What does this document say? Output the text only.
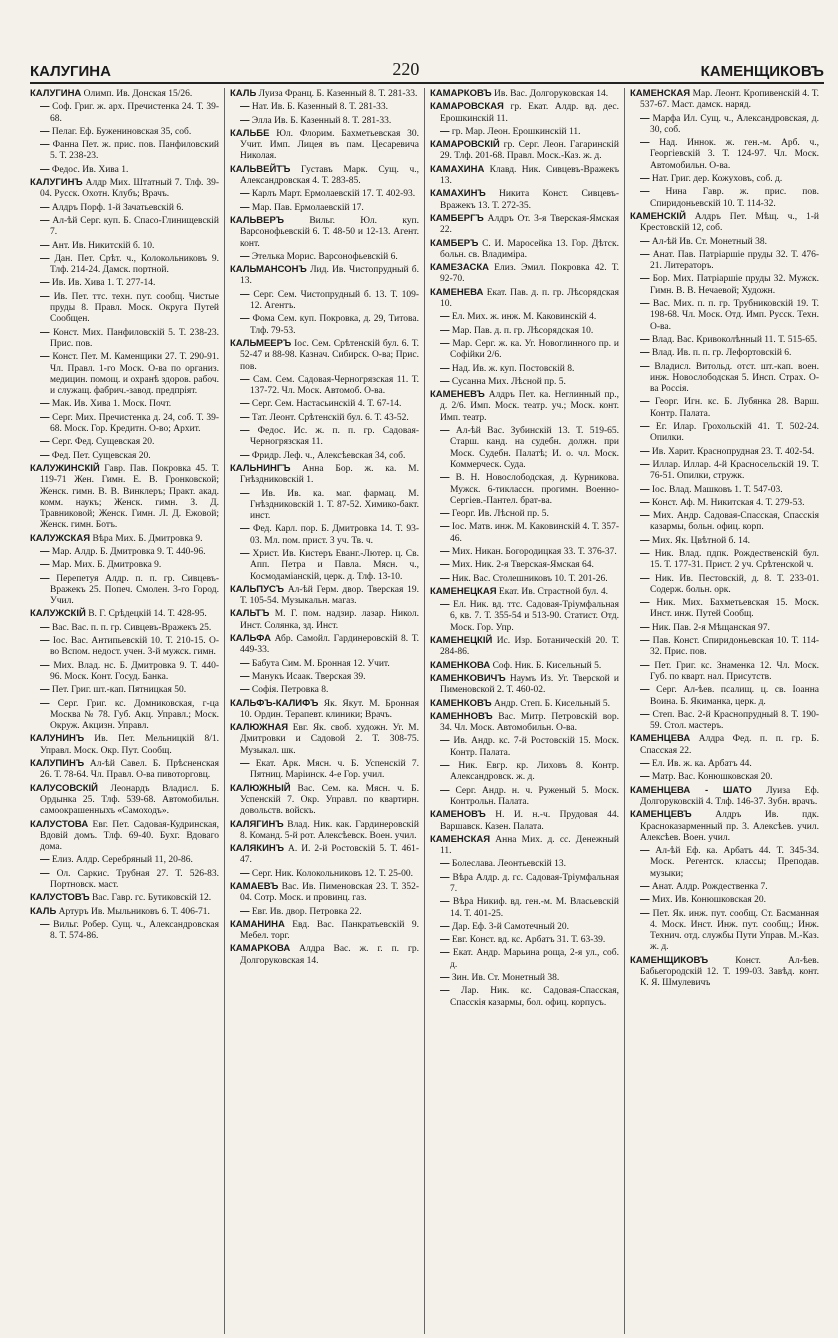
КАЛУГИНА	220	КАМЕНЩИКОВЪ

КАЛУГИНА Олимп. Ив. Донская 15/26.

— Соф. Григ. ж. арх. Пречистенка 24. Т. 39-68.

— Пелаг. Еф. Бужениновская 35, соб.

— Фанна Пет. ж. прис. пов. Панфиловский 5. Т. 238-23.

— Федос. Ив. Хива 1.

КАЛУГИНЪ Алдр Мих. Штатный 7. Тлф. 39-04. Русск. Охотн. Клубъ; Врачъ.

— Алдръ Порф. 1-й Зачатьевскій 6.

— Ал-ѣй Серг. куп. Б. Спасо-Глинищевскій 7.

— Ант. Ив. Никитскій б. 10.

— Дан. Пет. Срѣт. ч., Колокольниковъ 9. Тлф. 214-24. Дамск. портной.

— Ив. Ив. Хива 1. Т. 277-14.

— Ив. Пет. ттс. техн. пут. сообщ. Чистые пруды 8. Правл. Моск. Округа Путей Сообщен.

— Конст. Мих. Панфиловскій 5. Т. 238-23. Прис. пов.

— Конст. Пет. М. Каменщики 27. Т. 290-91. Чл. Правл. 1-го Моск. О-ва по организ. медицин. помощ. и охранѣ здоров. рабоч. и служащ. фабрич.-завод. предпріят.

— Мак. Ив. Хива 1. Моск. Почт.

— Серг. Мих. Пречистенка д. 24, соб. Т. 39-68. Моск. Гор. Кредитн. О-во; Архит.

— Серг. Фед. Сущевская 20.

— Фед. Пет. Сущевская 20.

КАЛУЖИНСКІЙ Гавр. Пав. Покровка 45. Т. 119-71 Жен. Гимн. Е. В. Гронковской; Женск. гимн. В. В. Винклеръ; Практ. акад. комм. наукъ; Женск. гимн. З. Д. Травниковой; Женск. Гимн. Л. Д. Ежовой; Женск. гимн. Ботъ.

КАЛУЖСКАЯ Вѣра Мих. Б. Дмитровка 9.

— Мар. Алдр. Б. Дмитровка 9. Т. 440-96.

— Мар. Мих. Б. Дмитровка 9.

— Перепетуя Алдр. п. п. гр. Сивцевъ-Вражекъ 25. Попеч. Смолен. 3-го Город. Учил.

КАЛУЖСКІЙ В. Г. Срѣдецкій 14. Т. 428-95.

— Вас. Вас. п. п. гр. Сивцевъ-Вражекъ 25.

— Іос. Вас. Антипьевскій 10. Т. 210-15. О-во Вспом. недост. учен. 3-й мужск. гимн.

— Мих. Влад. нс. Б. Дмитровка 9. Т. 440-96. Моск. Конт. Госуд. Банка.

— Пет. Григ. шт.-кап. Пятницкая 50.

— Серг. Григ. кс. Домниковская, г-ца Москва № 78. Губ. Акц. Управл.; Моск. Окруж. Акцизн. Управл.

КАЛУНИНЪ Ив. Пет. Мельницкій 8/1. Управл. Моск. Окр. Пут. Сообщ.

КАЛУПИНЪ Ал-ѣй Савел. Б. Прѣсненская 26. Т. 78-64. Чл. Правл. О-ва пивоторговц.

КАЛУСОВСКІЙ Леонардъ Владисл. Б. Ордынка 25. Тлф. 539-68. Автомобильн. самоокрашенныхъ «Самоходъ».

КАЛУСТОВА Евг. Пет. Садовая-Кудринская, Вдовій домъ. Тлф. 69-40. Бухг. Вдоваго дома.

— Елиз. Алдр. Серебряный 11, 20-86.

— Ол. Саркис. Трубная 27. Т. 526-83. Портновск. маст.

КАЛУСТОВЪ Вас. Гавр. гс. Бутиковскій 12.

КАЛЬ Артуръ Ив. Мыльниковъ 6. Т. 406-71.

— Вильг. Робер. Сущ. ч., Александровская 8. Т. 574-86.

КАЛЬ Луиза Франц. Б. Казенный 8. Т. 281-33.

— Нат. Ив. Б. Казенный 8. Т. 281-33.

— Элла Ив. Б. Казенный 8. Т. 281-33.

КАЛЬБЕ Юл. Флорим. Бахметьевская 30. Учит. Имп. Лицея въ пам. Цесаревича Николая.

КАЛЬВЕЙТЪ Густавъ Марк. Сущ. ч., Александровская 4. Т. 283-85.

— Карлъ Март. Ермолаевскій 17. Т. 402-93.

— Мар. Пав. Ермолаевскій 17.

КАЛЬВЕРЪ	Вильг. Юл. куп. Варсонофьевскій 6. Т. 48-50 и 12-13. Агент. конт.

— Этелька Морис. Варсонофьевскій 6.

КАЛЬМАНСОНЪ Лид. Ив. Чистопрудный б. 13.

— Серг. Сем. Чистопрудный б. 13. Т. 109-12. Агентъ.

— Фома Сем. куп. Покровка, д. 29, Титова. Тлф. 79-53.

КАЛЬМЕЕРЪ Іос. Сем. Срѣтенскій бул. 6. Т. 52-47 и 88-98. Казнач. Сибирск. О-ва; Прис. пов.

— Сам. Сем. Садовая-Черногрязская 11. Т. 137-72. Чл. Моск. Автомоб. О-ва.

— Серг. Сем. Настасьинскій 4. Т. 67-14.

— Тат. Леонт. Срѣтенскій бул. 6. Т. 43-52.

— Федос. Ис. ж. п. п. гр. Садовая-Черногрязская 11.

— Фридр. Леф. ч., Алексѣевская 34, соб.

КАЛЬНИНГЪ Анна Бор. ж. ка. М. Гнѣздниковскій 1.

— Ив. Ив. ка. маг. фармац. М. Гнѣздниковскій 1. Т. 87-52. Химико-бакт. инст.

— Фед. Карл. пор. Б. Дмитровка 14. Т. 93-03. Мл. пом. прист. 3 уч. Тв. ч.

— Христ. Ив. Кистеръ Еванг.-Лютер. ц. Св. Апп. Петра и Павла. Мясн. ч., Космодаміанскій, церк. д. Тлф. 13-10.

КАЛЬПУСЪ Ал-ѣй Герм. двор. Тверская 19. Т. 105-54. Музыкальн. магаз.

КАЛЬТЪ М. Г. пом. надзир. лазар. Никол. Инст. Солянка, зд. Инст.

КАЛЬФА Абр. Самойл. Гардинеровскій 8. Т. 449-33.

— Бабута Сим. М. Бронная 12. Учит.

— Манукъ Исаак. Тверская 39.

— Софія. Петровка 8.

КАЛЬФЪ-КАЛИФЪ Як. Якут. М. Бронная 10. Ордин. Терапевт. клиники; Врачъ.

КАЛЮЖНАЯ Евг. Як. своб. художн. Уг. М. Дмитровки и Садовой 2. Т. 308-75. Музыкал. шк.

— Екат. Арк. Мясн. ч. Б. Успенскій 7. Пятниц. Маріинск. 4-е Гор. учил.

КАЛЮЖНЫЙ Вас. Сем. ка. Мясн. ч. Б. Успенскій 7. Окр. Управл. по квартирн. довольств. войскъ.

КАЛЯГИНЪ Влад. Ник. как. Гардинеровскій 8. Команд. 5-й рот. Алексѣевск. Воен. учил.

КАЛЯКИНЪ А. И. 2-й Ростовскій 5. Т. 461-47.

— Серг. Ник. Колокольниковъ 12. Т. 25-00.

КАМАЕВЪ Вас. Ив. Пименовская 23. Т. 352-04. Сотр. Моск. и провинц. газ.

— Евг. Ив. двор. Петровка 22.

КАМАНИНА Евд. Вас. Панкратьевскій 9. Мебел. торг.

КАМАРКОВА Алдра Вас. ж. г. п. гр. Долгоруковская 14.

КАМАРКОВЪ Ив. Вас. Долгоруковская 14.

КАМАРОВСКАЯ гр. Екат. Алдр. вд. дес. Ерошкинскій 11.

— гр. Мар. Леон. Ерошкинскій 11.

КАМАРОВСКІЙ гр. Серг. Леон. Гагаринскій 29. Тлф. 201-68. Правл. Моск.-Каз. ж. д.

КАМАХИНА Клавд. Ник. Сивцевъ-Вражекъ 13.

КАМАХИНЪ Никита Конст. Сивцевъ-Вражекъ 13. Т. 272-35.

КАМБЕРГЪ Алдръ От. 3-я Тверская-Ямская 22.

КАМБЕРЪ С. И. Маросейка 13. Гор. Дѣтск. больн. св. Владиміра.

КАМЕЗАСКА Елиз. Эмил. Покровка 42. Т. 92-70.

КАМЕНЕВА Екат. Пав. д. п. гр. Лѣсорядская 10.

— Ел. Мих. ж. инж. М. Каковинскій 4.

— Мар. Пав. д. п. гр. Лѣсорядская 10.

— Мар. Серг. ж. ка. Уг. Новоглинного пр. и Софійки 2/6.

— Над. Ив. ж. куп. Постовскій 8.

— Сусанна Мих. Лѣсной пр. 5.

КАМЕНЕВЪ Алдръ Пет. ка. Неглинный пр., д. 2/6. Имп. Моск. театр. уч.; Моск. конт. Имп. театр.

— Ал-ѣй Вас. Зубинскій 13. Т. 519-65. Старш. канд. на судебн. должн. при Моск. Судебн. Палатѣ; И. о. чл. Моск. Коммерческ. Суда.

— В. Н. Новослободская, д. Курникова. Мужск. 6-тиклассн. прогимн. Военно-Сергіев.-Пантел. брат-ва.

— Георг. Ив. Лѣсной пр. 5.

— Іос. Матв. инж. М. Каковинскій 4. Т. 357-46.

— Мих. Никан. Богородицкая 33. Т. 376-37.

— Мих. Ник. 2-я Тверская-Ямская 64.

— Ник. Вас. Столешниковъ 10. Т. 201-26.

КАМЕНЕЦКАЯ Екат. Ив. Страстной бул. 4.

— Ел. Ник. вд. ттс. Садовая-Тріумфальная 6, кв. 7. Т. 355-54 и 513-90. Статист. Отд. Моск. Гор. Упр.

КАМЕНЕЦКІЙ Ис. Изр. Ботаническій 20. Т. 284-86.

КАМЕНКОВА Соф. Ник. Б. Кисельный 5.

КАМЕНКОВИЧЪ Наумъ Из. Уг. Тверской и Пименовской 2. Т. 460-02.

КАМЕНКОВЪ Андр. Степ. Б. Кисельный 5.

КАМЕННОВЪ Вас. Митр. Петровскій вор. 34. Чл. Моск. Автомобильн. О-ва.

— Ив. Андр. кс. 7-й Ростовскій 15. Моск. Контр. Палата.

— Ник. Евгр. кр. Лиховъ 8. Контр. Александровск. ж. д.

— Серг. Андр. н. ч. Руженый 5. Моск. Контрольн. Палата.

КАМЕНОВЪ Н. И. н.-ч. Прудовая 44. Варшавск. Казен. Палата.

КАМЕНСКАЯ Анна Мих. д. сс. Денежный 11.

— Болеслава. Леонтьевскій 13.

— Вѣра Алдр. д. гс. Садовая-Тріумфальная 7.

— Вѣра Никиф. вд. ген.-м. М. Власьевскій 14. Т. 401-25.

— Дар. Еф. 3-й Самотечный 20.

— Евг. Конст. вд. кс. Арбатъ 31. Т. 63-39.

— Екат. Андр. Марьина роща, 2-я ул., соб. д.

— Зин. Ив. Ст. Монетный 38.

— Лар. Ник. кс. Садовая-Спасская, Спасскія казармы, бол. офиц. корпусъ.

КАМЕНСКАЯ Мар. Леонт. Кропивенскій 4. Т. 537-67. Маст. дамск. наряд.

— Марфа Ил. Сущ. ч., Александровская, д. 30, соб.

— Над. Иннок. ж. ген.-м. Арб. ч., Георгіевскій 3. Т. 124-97. Чл. Моск. Автомобильн. О-ва.

— Нат. Григ. дер. Кожуховъ, соб. д.

— Нина Гавр. ж. прис. пов. Спиридоньевскій 10. Т. 114-32.

КАМЕНСКІЙ Алдръ Пет. Мѣщ. ч., 1-й Крестовскій 12, соб.

— Ал-ѣй Ив. Ст. Монетный 38.

— Анат. Пав. Патріаршіе пруды 32. Т. 476-21. Литераторъ.

— Бор. Мих. Патріаршіе пруды 32. Мужск. Гимн. В. В. Нечаевой; Художн.

— Вас. Мих. п. п. гр. Трубниковскій 19. Т. 198-68. Чл. Моск. Отд. Имп. Русск. Техн. О-ва.

— Влад. Вас. Кривоколѣнный 11. Т. 515-65.

— Влад. Ив. п. п. гр. Лефортовскій 6.

— Владисл. Витольд. отст. шт.-кап. воен. инж. Новослободская 5. Инсп. Страх. О-ва Россія.

— Георг. Игн. кс. Б. Лубянка 28. Варш. Контр. Палата.

— Ег. Илар. Грохольскій 41. Т. 502-24. Опилки.

— Ив. Харит. Краснопрудная 23. Т. 402-54.

— Иллар. Иллар. 4-й Красносельскій 19. Т. 76-51. Опилки, стружк.

— Іос. Влад. Машковъ 1. Т. 547-03.

— Конст. Аф. М. Никитская 4. Т. 279-53.

— Мих. Андр. Садовая-Спасская, Спасскія казармы, больн. офиц. корп.

— Мих. Як. Цвѣтной б. 14.

— Ник. Влад. пдпк. Рождественскій бул. 15. Т. 177-31. Прист. 2 уч. Срѣтенской ч.

— Ник. Ив. Пестовскій, д. 8. Т. 233-01. Содерж. больн. орк.

— Ник. Мих. Бахметьевская 15. Моск. Инст. инж. Путей Сообщ.

— Ник. Пав. 2-я Мѣщанская 97.

— Пав. Конст. Спиридоньевская 10. Т. 114-32. Прис. пов.

— Пет. Григ. кс. Знаменка 12. Чл. Моск. Губ. по кварт. нал. Присутств.

— Серг. Ал-ѣев. псалищ. ц. св. Іоанна Воина. Б. Якиманка, церк. д.

— Степ. Вас. 2-й Краснопрудный 8. Т. 190-59. Стол. мастеръ.

КАМЕНЦЕВА Алдра Фед. п. п. гр. Б. Спасская 22.

— Ел. Ив. ж. ка. Арбатъ 44.

— Матр. Вас. Конюшковская 20.

КАМЕНЦЕВА - ШАТО Луиза Еф. Долгоруковскій 4. Тлф. 146-37. Зубн. врачъ.

КАМЕНЦЕВЪ Алдръ Ив. пдк. Красноказарменный пр. 3. Алексѣев. учил. Алексѣев. Воен. учил.

— Ал-ѣй Еф. ка. Арбатъ 44. Т. 345-34. Моск. Регентск. классы; Преподав. музыки;

— Анат. Алдр. Рождественка 7.

— Мих. Ив. Конюшковская 20.

— Пет. Як. инж. пут. сообщ. Ст. Басманная 4. Моск. Инст. Инж. пут. сообщ.; Инж. Технич. отд. службы Пути Управ. М.-Каз. ж. д.

КАМЕНЩИКОВЪ	Конст. Ал-ѣев. Бабьегородскій 12. Т. 199-03. Завѣд. конт. К. Я. Шмулевичъ
